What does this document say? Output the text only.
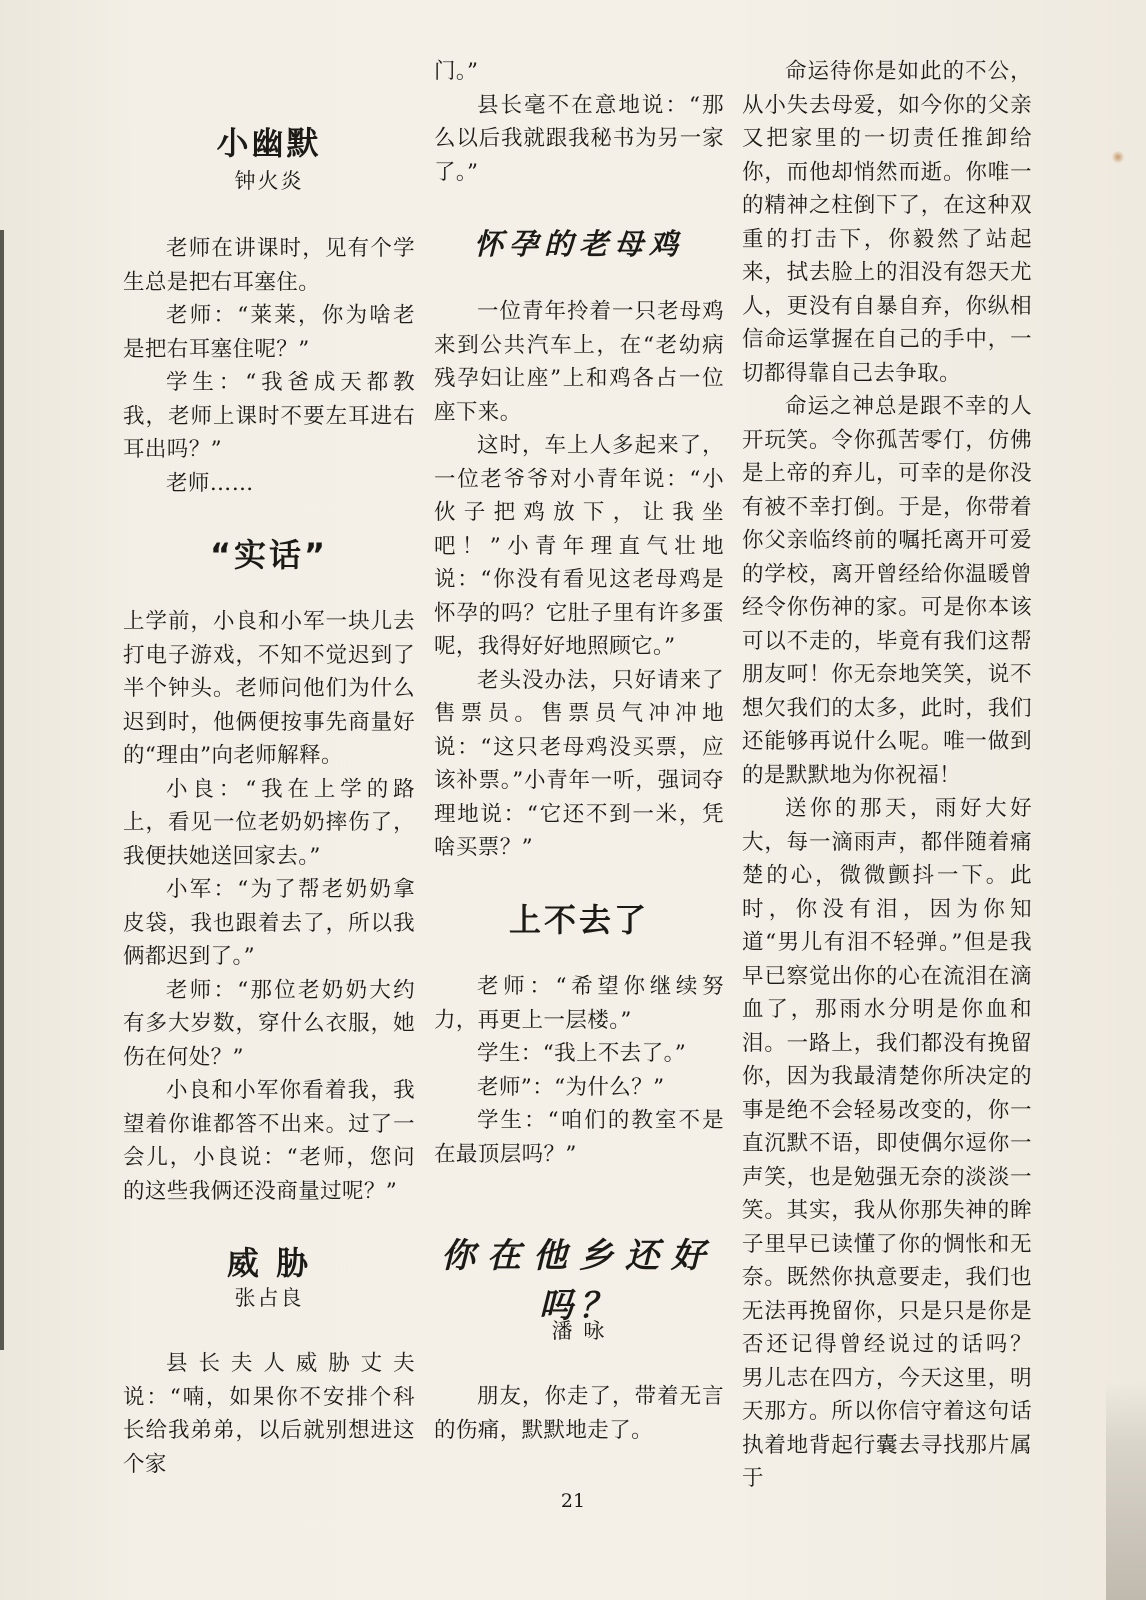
小幽默
钟火炎

老师在讲课时，见有个学生总是把右耳塞住。

老师：“莱莱，你为啥老是把右耳塞住呢？”

学生：“我爸成天都教我，老师上课时不要左耳进右耳出吗？”

老师……

“实话”

上学前，小良和小军一块儿去打电子游戏，不知不觉迟到了半个钟头。老师问他们为什么迟到时，他俩便按事先商量好的“理由”向老师解释。

小良：“我在上学的路上，看见一位老奶奶摔伤了，我便扶她送回家去。”

小军：“为了帮老奶奶拿皮袋，我也跟着去了，所以我俩都迟到了。”

老师：“那位老奶奶大约有多大岁数，穿什么衣服，她伤在何处？”

小良和小军你看着我，我望着你谁都答不出来。过了一会儿，小良说：“老师，您问的这些我俩还没商量过呢？”

威 胁
张占良

县长夫人威胁丈夫说：“喃，如果你不安排个科长给我弟弟，以后就别想进这个家

门。”

县长毫不在意地说：“那么以后我就跟我秘书为另一家了。”

怀孕的老母鸡

一位青年拎着一只老母鸡来到公共汽车上，在“老幼病残孕妇让座”上和鸡各占一位座下来。

这时，车上人多起来了，一位老爷爷对小青年说：“小伙子把鸡放下，让我坐吧！”小青年理直气壮地说：“你没有看见这老母鸡是怀孕的吗？它肚子里有许多蛋呢，我得好好地照顾它。”

老头没办法，只好请来了售票员。售票员气冲冲地说：“这只老母鸡没买票，应该补票。”小青年一听，强词夺理地说：“它还不到一米，凭啥买票？”

上不去了

老师：“希望你继续努力，再更上一层楼。”

学生：“我上不去了。”

老师”：“为什么？”

学生：“咱们的教室不是在最顶层吗？”

你在他乡还好
吗？
潘 咏

朋友，你走了，带着无言的伤痛，默默地走了。

命运待你是如此的不公，从小失去母爱，如今你的父亲又把家里的一切责任推卸给你，而他却悄然而逝。你唯一的精神之柱倒下了，在这种双重的打击下，你毅然了站起来，拭去脸上的泪没有怨天尤人，更没有自暴自弃，你纵相信命运掌握在自己的手中，一切都得靠自己去争取。

命运之神总是跟不幸的人开玩笑。令你孤苦零仃，仿佛是上帝的弃儿，可幸的是你没有被不幸打倒。于是，你带着你父亲临终前的嘱托离开可爱的学校，离开曾经给你温暖曾经令你伤神的家。可是你本该可以不走的，毕竟有我们这帮朋友呵！你无奈地笑笑，说不想欠我们的太多，此时，我们还能够再说什么呢。唯一做到的是默默地为你祝福！

送你的那天，雨好大好大，每一滴雨声，都伴随着痛楚的心，微微颤抖一下。此时，你没有泪，因为你知道“男儿有泪不轻弹。”但是我早已察觉出你的心在流泪在滴血了，那雨水分明是你血和泪。一路上，我们都没有挽留你，因为我最清楚你所决定的事是绝不会轻易改变的，你一直沉默不语，即使偶尔逗你一声笑，也是勉强无奈的淡淡一笑。其实，我从你那失神的眸子里早已读懂了你的惆怅和无奈。既然你执意要走，我们也无法再挽留你，只是只是你是否还记得曾经说过的话吗？　男儿志在四方，今天这里，明天那方。所以你信守着这句话执着地背起行囊去寻找那片属于

21
